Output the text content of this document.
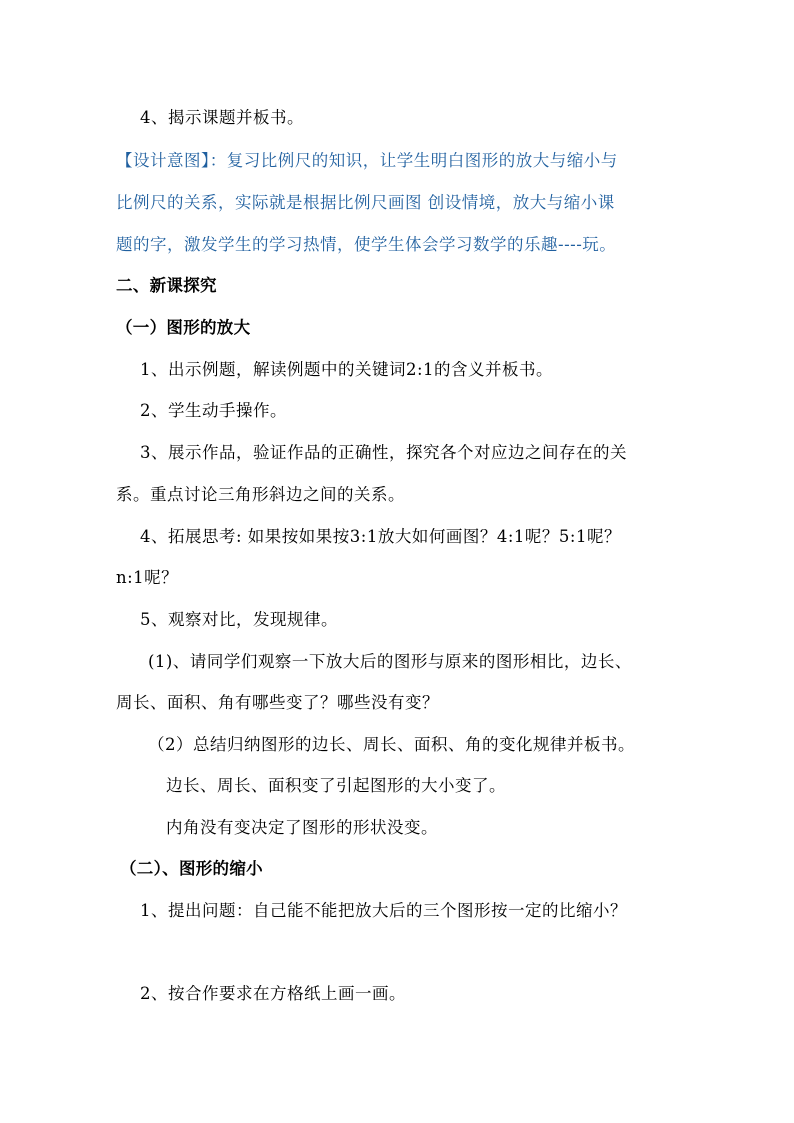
4、揭示课题并板书。
【设计意图】：复习比例尺的知识，让学生明白图形的放大与缩小与
比例尺的关系，实际就是根据比例尺画图 创设情境，放大与缩小课
题的字，激发学生的学习热情，使学生体会学习数学的乐趣----玩。
二、新课探究
（一）图形的放大
1、出示例题，解读例题中的关键词2:1的含义并板书。
2、学生动手操作。
3、展示作品，验证作品的正确性，探究各个对应边之间存在的关
系。重点讨论三角形斜边之间的关系。
4、拓展思考: 如果按如果按3:1放大如何画图？4:1呢？5:1呢？
n:1呢？
5、观察对比，发现规律。
(1)、请同学们观察一下放大后的图形与原来的图形相比，边长、
周长、面积、角有哪些变了？哪些没有变？
（2）总结归纳图形的边长、周长、面积、角的变化规律并板书。
边长、周长、面积变了引起图形的大小变了。
内角没有变决定了图形的形状没变。
（二）、图形的缩小
1、提出问题：自己能不能把放大后的三个图形按一定的比缩小？
2、按合作要求在方格纸上画一画。
